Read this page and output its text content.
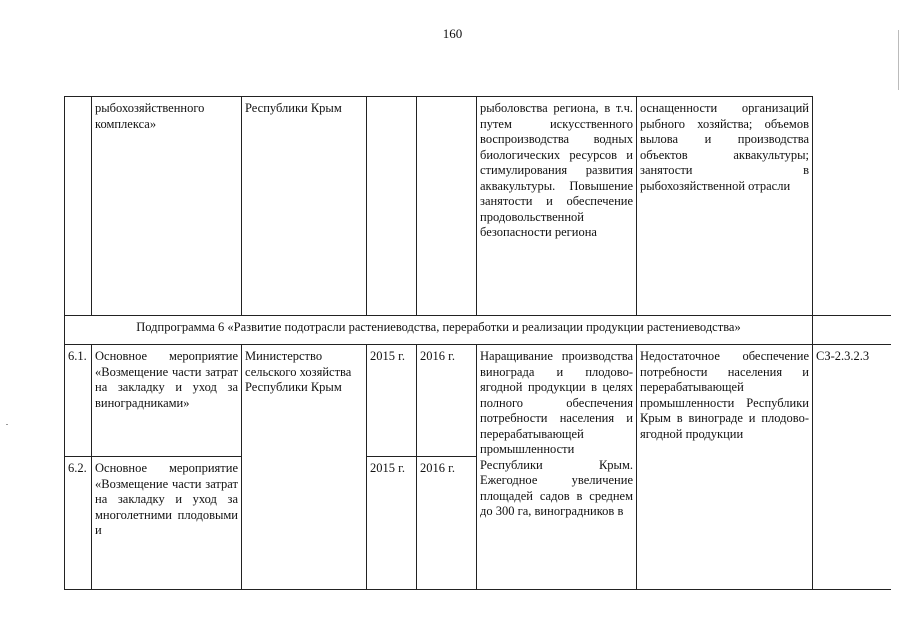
160
	рыбохозяйственного комплекса»	Республики Крым			рыболовства региона, в т.ч. путем искусственного воспроизводства водных биологических ресурсов и стимулирования развития аквакультуры. Повышение занятости и обеспечение продовольственной безопасности региона	оснащенности организаций рыбного хозяйства; объемов вылова и производства объектов аквакультуры; занятости в рыбохозяйственной отрасли	
Подпрограмма 6 «Развитие подотрасли растениеводства, переработки и реализации продукции растениеводства»							
6.1.	Основное мероприятие «Возмещение части затрат на закладку и уход за виноградниками»	Министерство сельского хозяйства Республики Крым	2015 г.	2016 г.	Наращивание производства винограда и плодово-ягодной продукции в целях полного обеспечения потребности населения и перерабатывающей промышленности Республики Крым. Ежегодное увеличение площадей садов в среднем до 300 га, виноградников в	Недостаточное обеспечение потребности населения и перерабатывающей промышленности Республики Крым в винограде и плодово-ягодной продукции	СЗ-2.3.2.3
6.2.	Основное мероприятие «Возмещение части затрат на закладку и уход за многолетними плодовыми и		2015 г.	2016 г.			
